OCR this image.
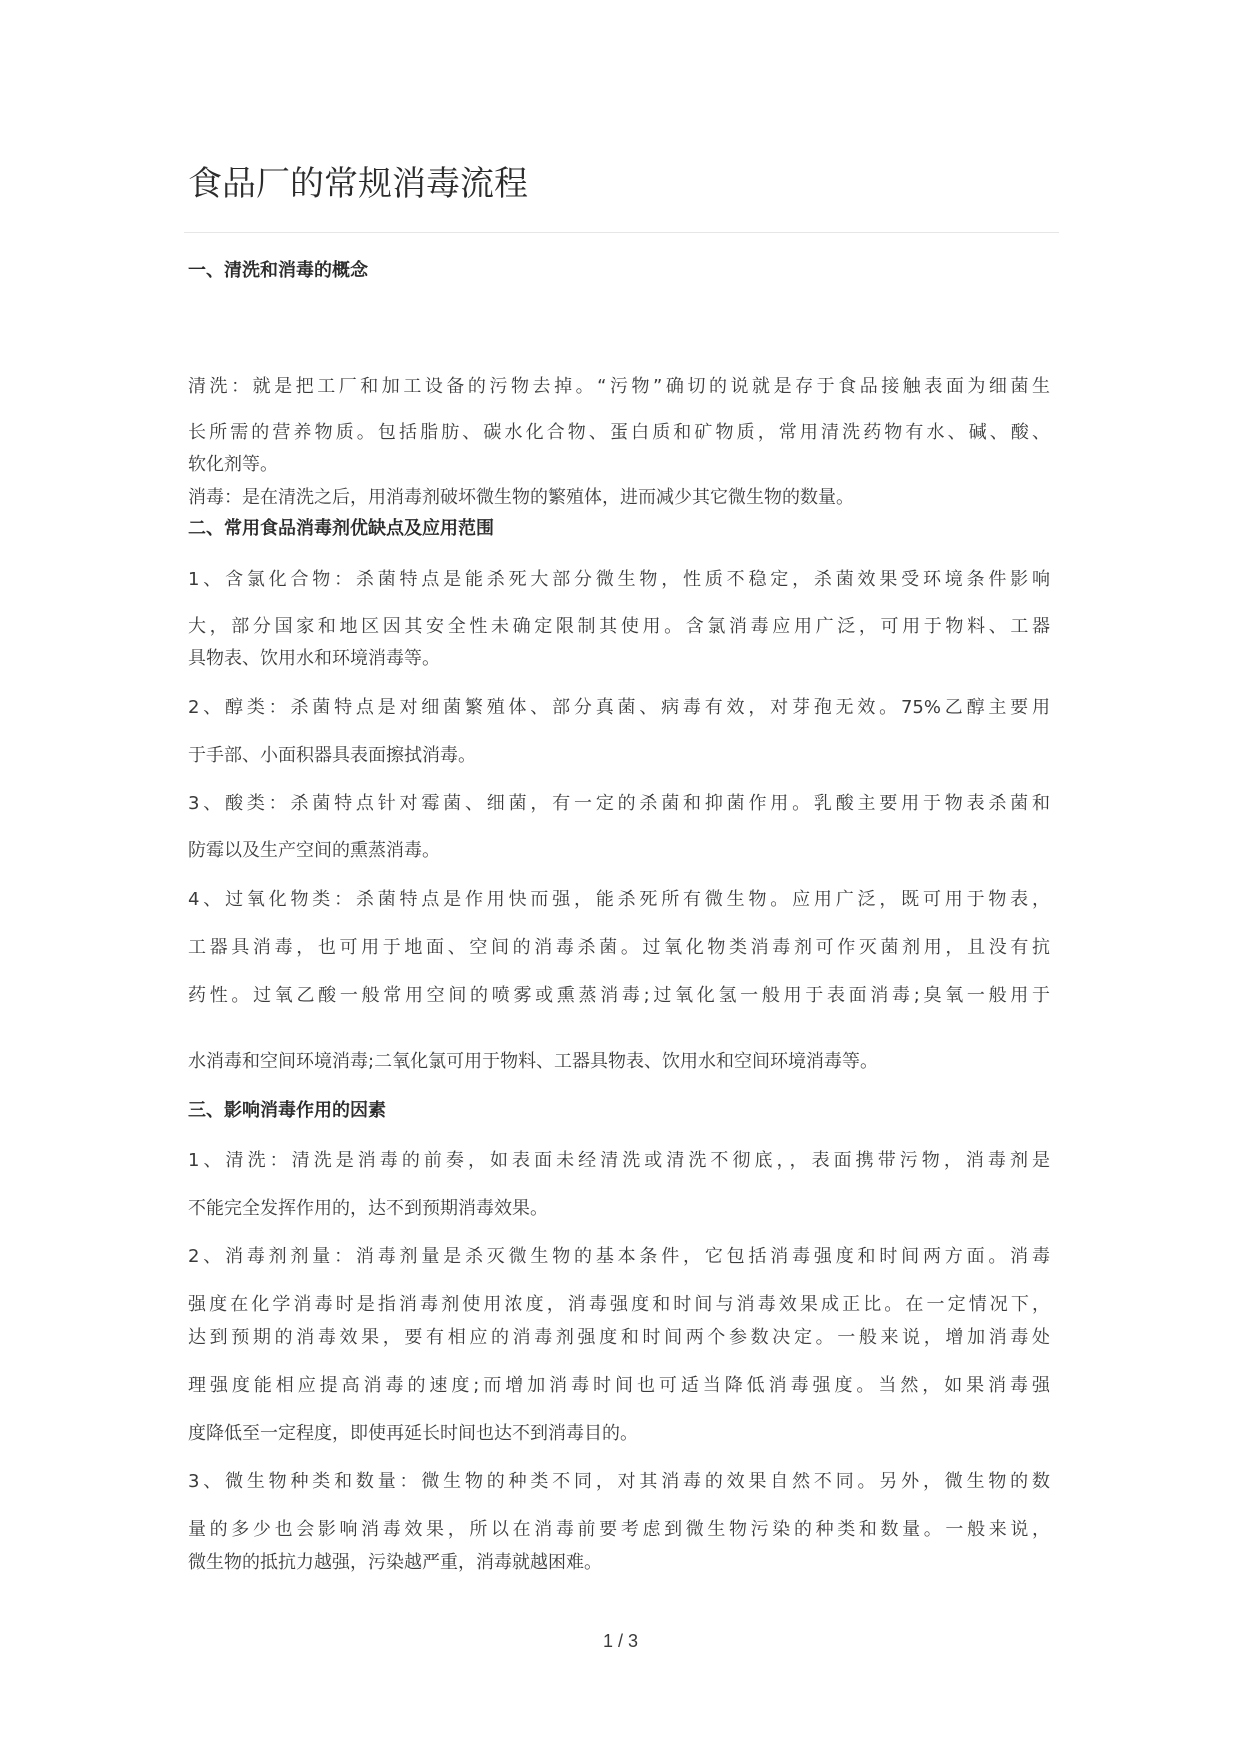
食品厂的常规消毒流程
一、清洗和消毒的概念
清洗：就是把工厂和加工设备的污物去掉。“污物”确切的说就是存于食品接触表面为细菌生
长所需的营养物质。包括脂肪、碳水化合物、蛋白质和矿物质，常用清洗药物有水、碱、酸、
软化剂等。
消毒：是在清洗之后，用消毒剂破坏微生物的繁殖体，进而减少其它微生物的数量。
二、常用食品消毒剂优缺点及应用范围
1、含氯化合物：杀菌特点是能杀死大部分微生物，性质不稳定，杀菌效果受环境条件影响
大，部分国家和地区因其安全性未确定限制其使用。含氯消毒应用广泛，可用于物料、工器
具物表、饮用水和环境消毒等。
2、醇类：杀菌特点是对细菌繁殖体、部分真菌、病毒有效，对芽孢无效。75%乙醇主要用
于手部、小面积器具表面擦拭消毒。
3、酸类：杀菌特点针对霉菌、细菌，有一定的杀菌和抑菌作用。乳酸主要用于物表杀菌和
防霉以及生产空间的熏蒸消毒。
4、过氧化物类：杀菌特点是作用快而强，能杀死所有微生物。应用广泛，既可用于物表，
工器具消毒，也可用于地面、空间的消毒杀菌。过氧化物类消毒剂可作灭菌剂用，且没有抗
药性。过氧乙酸一般常用空间的喷雾或熏蒸消毒;过氧化氢一般用于表面消毒;臭氧一般用于
水消毒和空间环境消毒;二氧化氯可用于物料、工器具物表、饮用水和空间环境消毒等。
三、影响消毒作用的因素
1、清洗：清洗是消毒的前奏，如表面未经清洗或清洗不彻底，，表面携带污物，消毒剂是
不能完全发挥作用的，达不到预期消毒效果。
2、消毒剂剂量：消毒剂量是杀灭微生物的基本条件，它包括消毒强度和时间两方面。消毒
强度在化学消毒时是指消毒剂使用浓度，消毒强度和时间与消毒效果成正比。在一定情况下，
达到预期的消毒效果，要有相应的消毒剂强度和时间两个参数决定。一般来说，增加消毒处
理强度能相应提高消毒的速度;而增加消毒时间也可适当降低消毒强度。当然，如果消毒强
度降低至一定程度，即使再延长时间也达不到消毒目的。
3、微生物种类和数量：微生物的种类不同，对其消毒的效果自然不同。另外，微生物的数
量的多少也会影响消毒效果，所以在消毒前要考虑到微生物污染的种类和数量。一般来说，
微生物的抵抗力越强，污染越严重，消毒就越困难。
1 / 3
